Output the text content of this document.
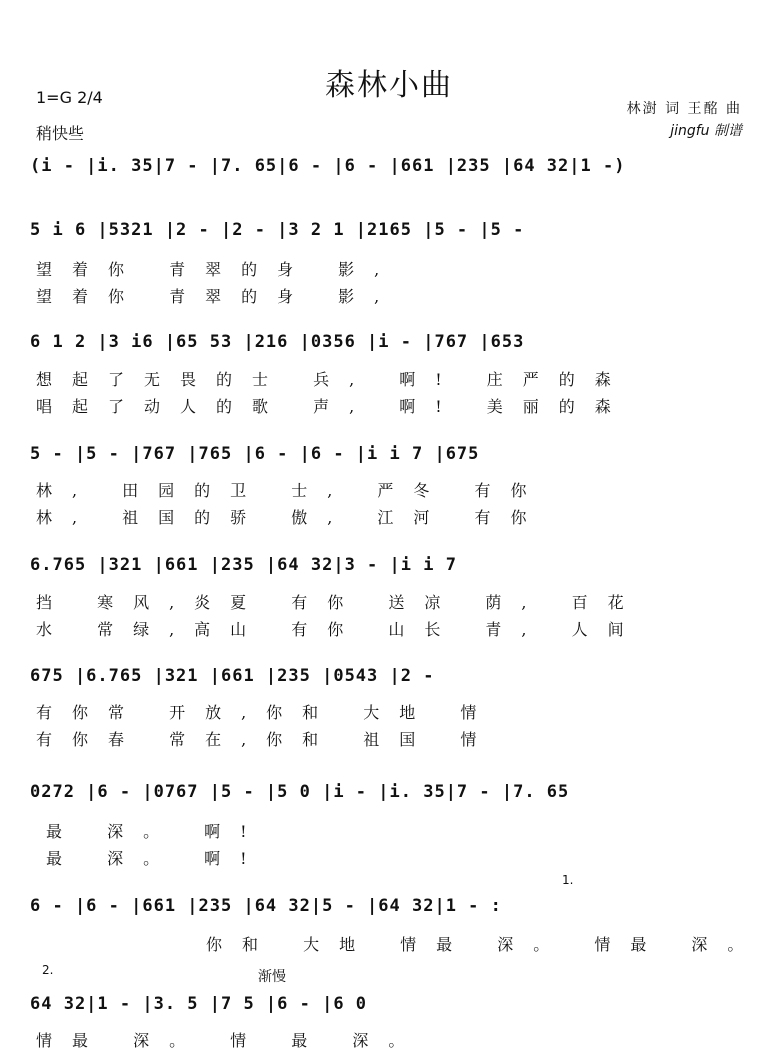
森林小曲
1=G 2/4
稍快些
林澍 词 王酩 曲
jingfu 制谱
(i - |i. 35|7 - |7. 65|6 - |6 - |661 |235 |64 32|1 -)
5 i 6 |5321 |2 - |2 - |3 2 1 |2165 |5 - |5 -
望着你 青翠的身 影,
望着你 青翠的身 影,
6 1 2 |3 i6 |65 53 |216 |0356 |i - |767 |653
想起了无畏的士 兵, 啊! 庄严的森
唱起了动人的歌 声, 啊! 美丽的森
5 - |5 - |767 |765 |6 - |6 - |i i 7 |675
林, 田园的卫 士, 严冬 有你
林, 祖国的骄 傲, 江河 有你
6.765 |321 |661 |235 |64 32|3 - |i i 7
挡 寒风,炎夏 有你 送凉 荫, 百花
水 常绿,高山 有你 山长 青, 人间
675 |6.765 |321 |661 |235 |0543 |2 -
有你常 开放,你和 大地 情
有你春 常在,你和 祖国 情
0272 |6 - |0767 |5 - |5 0 |i - |i. 35|7 - |7. 65
最 深。 啊!
最 深。 啊!
1.
6 - |6 - |661 |235 |64 32|5 - |64 32|1 - :
你和 大地 情最 深。 情最 深。
2.	渐慢
64 32|1 - |3. 5 |7 5 |6 - |6 0
情最 深。 情 最 深。
